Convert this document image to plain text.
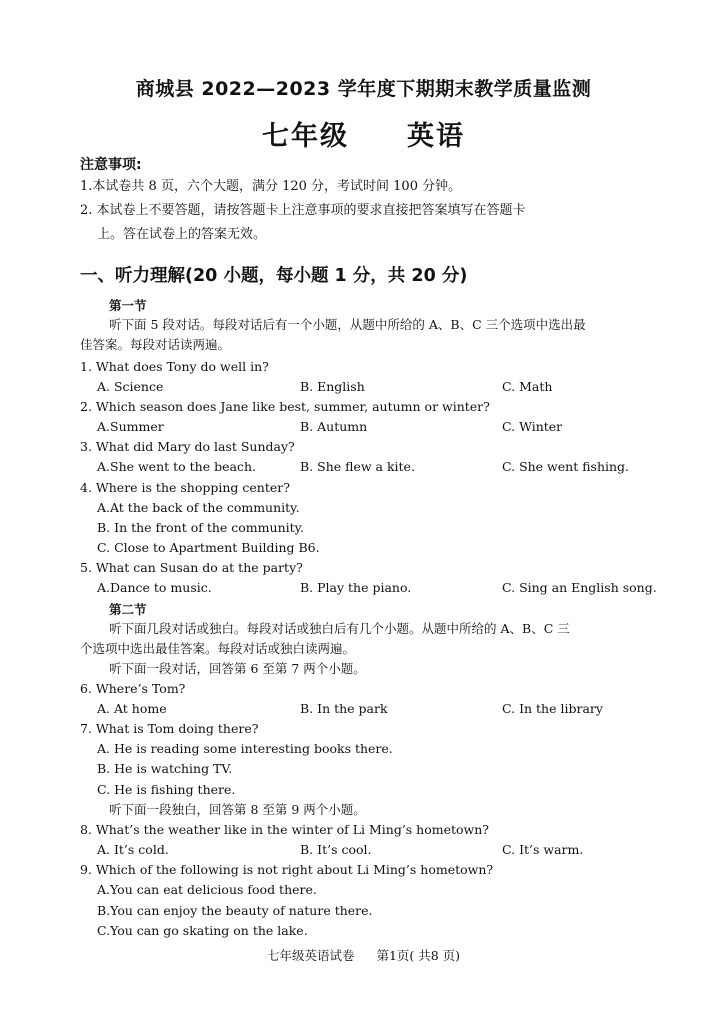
商城县 2022—2023 学年度下期期末教学质量监测
七年级 英语
注意事项:
1.本试卷共 8 页，六个大题，满分 120 分，考试时间 100 分钟。
2. 本试卷上不要答题，请按答题卡上注意事项的要求直接把答案填写在答题卡
上。答在试卷上的答案无效。
一、听力理解(20 小题，每小题 1 分，共 20 分)
第一节
听下面 5 段对话。每段对话后有一个小题，从题中所给的 A、B、C 三个选项中选出最
佳答案。每段对话读两遍。
1. What does Tony do well in?
A. Science	B. English	C. Math
2. Which season does Jane like best, summer, autumn or winter?
A.Summer	B. Autumn	C. Winter
3. What did Mary do last Sunday?
A.She went to the beach.	B. She flew a kite.	C. She went fishing.
4. Where is the shopping center?
A.At the back of the community.
B. In the front of the community.
C. Close to Apartment Building B6.
5. What can Susan do at the party?
A.Dance to music.	B. Play the piano.	C. Sing an English song.
第二节
听下面几段对话或独白。每段对话或独白后有几个小题。从题中所给的 A、B、C 三
个选项中选出最佳答案。每段对话或独白读两遍。
听下面一段对话，回答第 6 至第 7 两个小题。
6. Where’s Tom?
A. At home	B. In the park	C. In the library
7. What is Tom doing there?
A. He is reading some interesting books there.
B. He is watching TV.
C. He is fishing there.
听下面一段独白，回答第 8 至第 9 两个小题。
8. What’s the weather like in the winter of Li Ming’s hometown?
A. It’s cold.	B. It’s cool.	C. It’s warm.
9. Which of the following is not right about Li Ming’s hometown?
A.You can eat delicious food there.
B.You can enjoy the beauty of nature there.
C.You can go skating on the lake.
七年级英语试卷 第1页( 共8 页)
